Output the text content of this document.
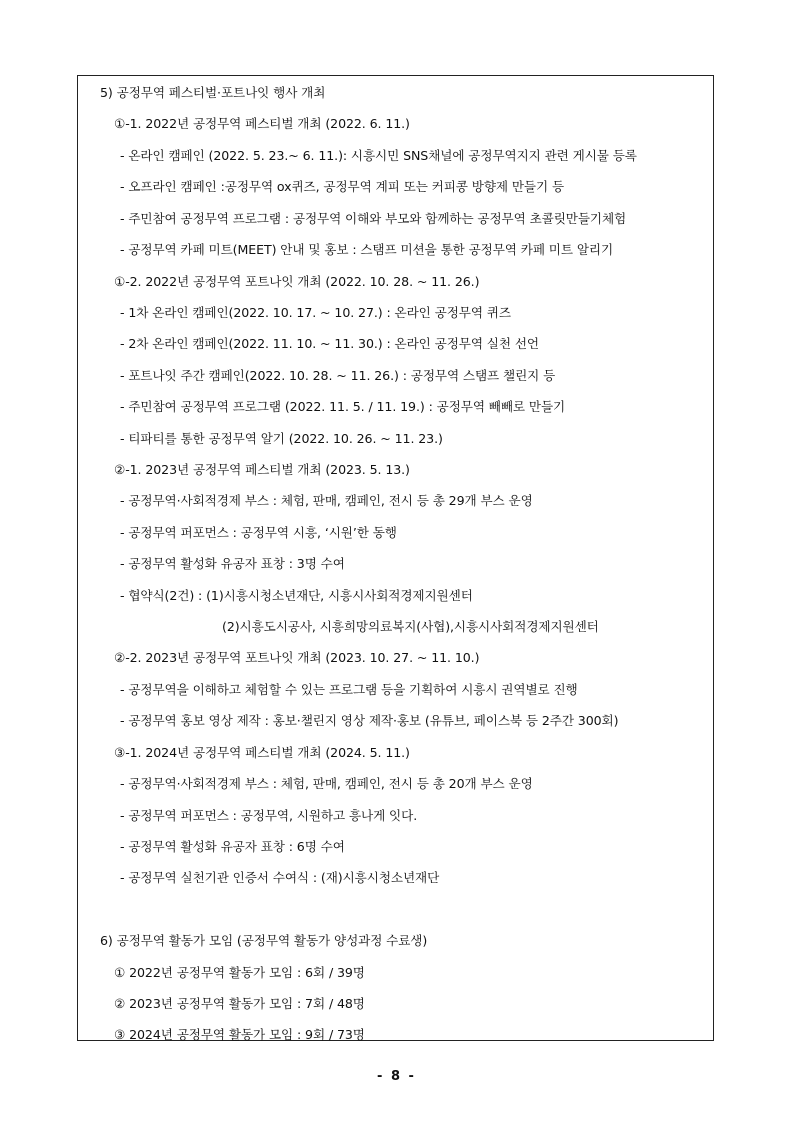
5) 공정무역 페스티벌·포트나잇 행사 개최
①-1. 2022년 공정무역 페스티벌 개최 (2022. 6. 11.)
- 온라인 캠페인 (2022. 5. 23.~ 6. 11.): 시흥시민 SNS채널에 공정무역지지 관련 게시물 등록
- 오프라인 캠페인 :공정무역 ox퀴즈, 공정무역 계피 또는 커피콩 방향제 만들기 등
- 주민참여 공정무역 프로그램 : 공정무역 이해와 부모와 함께하는 공정무역 초콜릿만들기체험
- 공정무역 카페 미트(MEET) 안내 및 홍보 : 스탬프 미션을 통한 공정무역 카페 미트 알리기
①-2. 2022년 공정무역 포트나잇 개최 (2022. 10. 28. ~ 11. 26.)
- 1차 온라인 캠페인(2022. 10. 17. ~ 10. 27.) : 온라인 공정무역 퀴즈
- 2차 온라인 캠페인(2022. 11. 10. ~ 11. 30.) : 온라인 공정무역 실천 선언
- 포트나잇 주간 캠페인(2022. 10. 28. ~ 11. 26.) : 공정무역 스탬프 챌린지 등
- 주민참여 공정무역 프로그램 (2022. 11. 5. / 11. 19.) : 공정무역 빼빼로 만들기
- 티파티를 통한 공정무역 알기 (2022. 10. 26. ~ 11. 23.)
②-1. 2023년 공정무역 페스티벌 개최 (2023. 5. 13.)
- 공정무역·사회적경제 부스 : 체험, 판매, 캠페인, 전시 등 총 29개 부스 운영
- 공정무역 퍼포먼스 : 공정무역 시흥, ‘시원’한 동행
- 공정무역 활성화 유공자 표창 : 3명 수여
- 협약식(2건) : (1)시흥시청소년재단, 시흥시사회적경제지원센터
(2)시흥도시공사, 시흥희망의료복지(사협),시흥시사회적경제지원센터
②-2. 2023년 공정무역 포트나잇 개최 (2023. 10. 27. ~ 11. 10.)
- 공정무역을 이해하고 체험할 수 있는 프로그램 등을 기획하여 시흥시 권역별로 진행
- 공정무역 홍보 영상 제작 : 홍보·챌린지 영상 제작·홍보 (유튜브, 페이스북 등 2주간 300회)
③-1. 2024년 공정무역 페스티벌 개최 (2024. 5. 11.)
- 공정무역·사회적경제 부스 : 체험, 판매, 캠페인, 전시 등 총 20개 부스 운영
- 공정무역 퍼포먼스 : 공정무역, 시원하고 흥나게 잇다.
- 공정무역 활성화 유공자 표창 : 6명 수여
- 공정무역 실천기관 인증서 수여식 : (재)시흥시청소년재단
6) 공정무역 활동가 모임 (공정무역 활동가 양성과정 수료생)
① 2022년 공정무역 활동가 모임 : 6회 / 39명
② 2023년 공정무역 활동가 모임 : 7회 / 48명
③ 2024년 공정무역 활동가 모임 : 9회 / 73명
- 8 -
